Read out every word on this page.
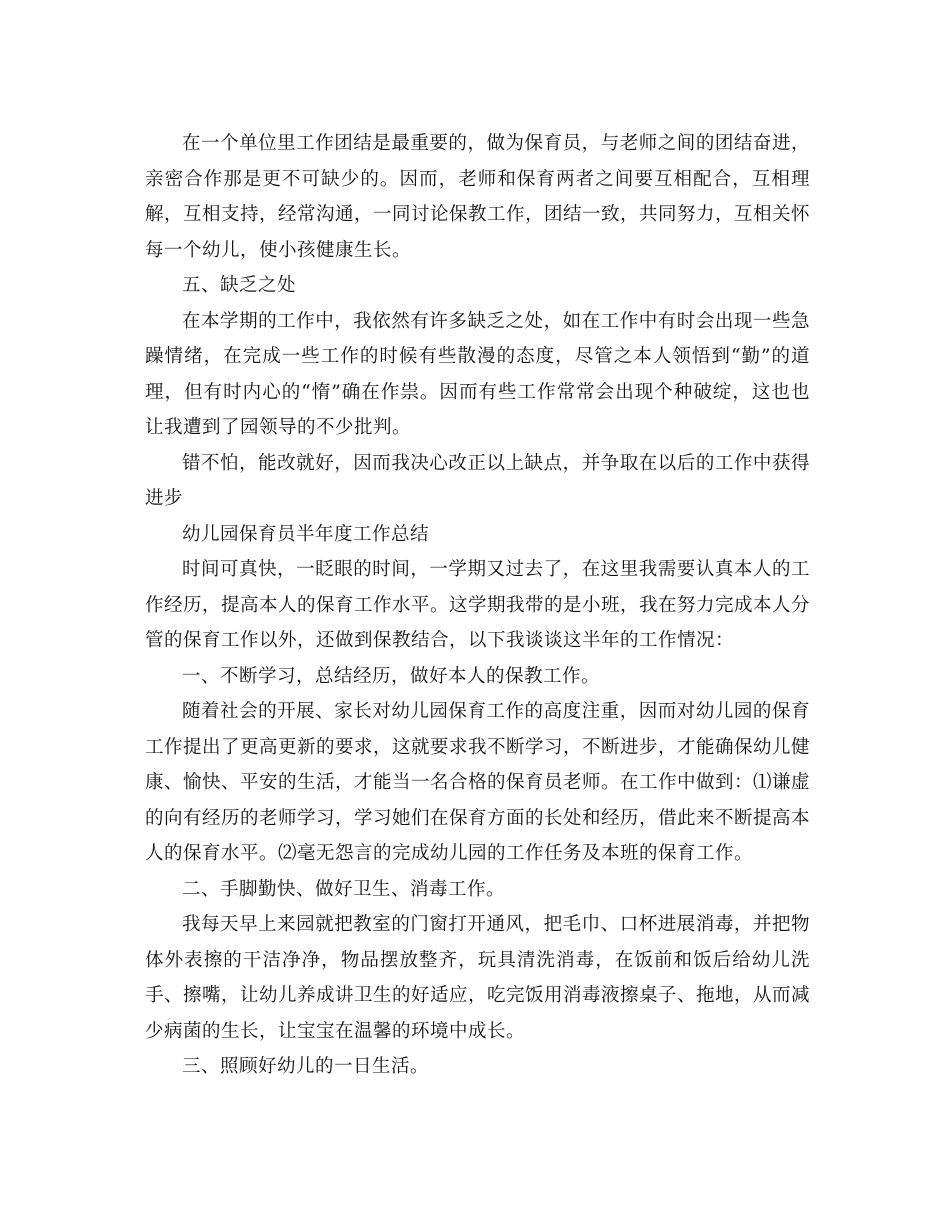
在一个单位里工作团结是最重要的，做为保育员，与老师之间的团结奋进，亲密合作那是更不可缺少的。因而，老师和保育两者之间要互相配合，互相理解，互相支持，经常沟通，一同讨论保教工作，团结一致，共同努力，互相关怀每一个幼儿，使小孩健康生长。

五、缺乏之处

在本学期的工作中，我依然有许多缺乏之处，如在工作中有时会出现一些急躁情绪，在完成一些工作的时候有些散漫的态度，尽管之本人领悟到“勤”的道理，但有时内心的“惰”确在作祟。因而有些工作常常会出现个种破绽，这也也让我遭到了园领导的不少批判。

错不怕，能改就好，因而我决心改正以上缺点，并争取在以后的工作中获得进步

幼儿园保育员半年度工作总结

时间可真快，一眨眼的时间，一学期又过去了，在这里我需要认真本人的工作经历，提高本人的保育工作水平。这学期我带的是小班，我在努力完成本人分管的保育工作以外，还做到保教结合，以下我谈谈这半年的工作情况：

一、不断学习，总结经历，做好本人的保教工作。

随着社会的开展、家长对幼儿园保育工作的高度注重，因而对幼儿园的保育工作提出了更高更新的要求，这就要求我不断学习，不断进步，才能确保幼儿健康、愉快、平安的生活，才能当一名合格的保育员老师。在工作中做到：⑴谦虚的向有经历的老师学习，学习她们在保育方面的长处和经历，借此来不断提高本人的保育水平。⑵毫无怨言的完成幼儿园的工作任务及本班的保育工作。

二、手脚勤快、做好卫生、消毒工作。

我每天早上来园就把教室的门窗打开通风，把毛巾、口杯进展消毒，并把物体外表擦的干洁净净，物品摆放整齐，玩具清洗消毒，在饭前和饭后给幼儿洗手、擦嘴，让幼儿养成讲卫生的好适应，吃完饭用消毒液擦桌子、拖地，从而减少病菌的生长，让宝宝在温馨的环境中成长。

三、照顾好幼儿的一日生活。
